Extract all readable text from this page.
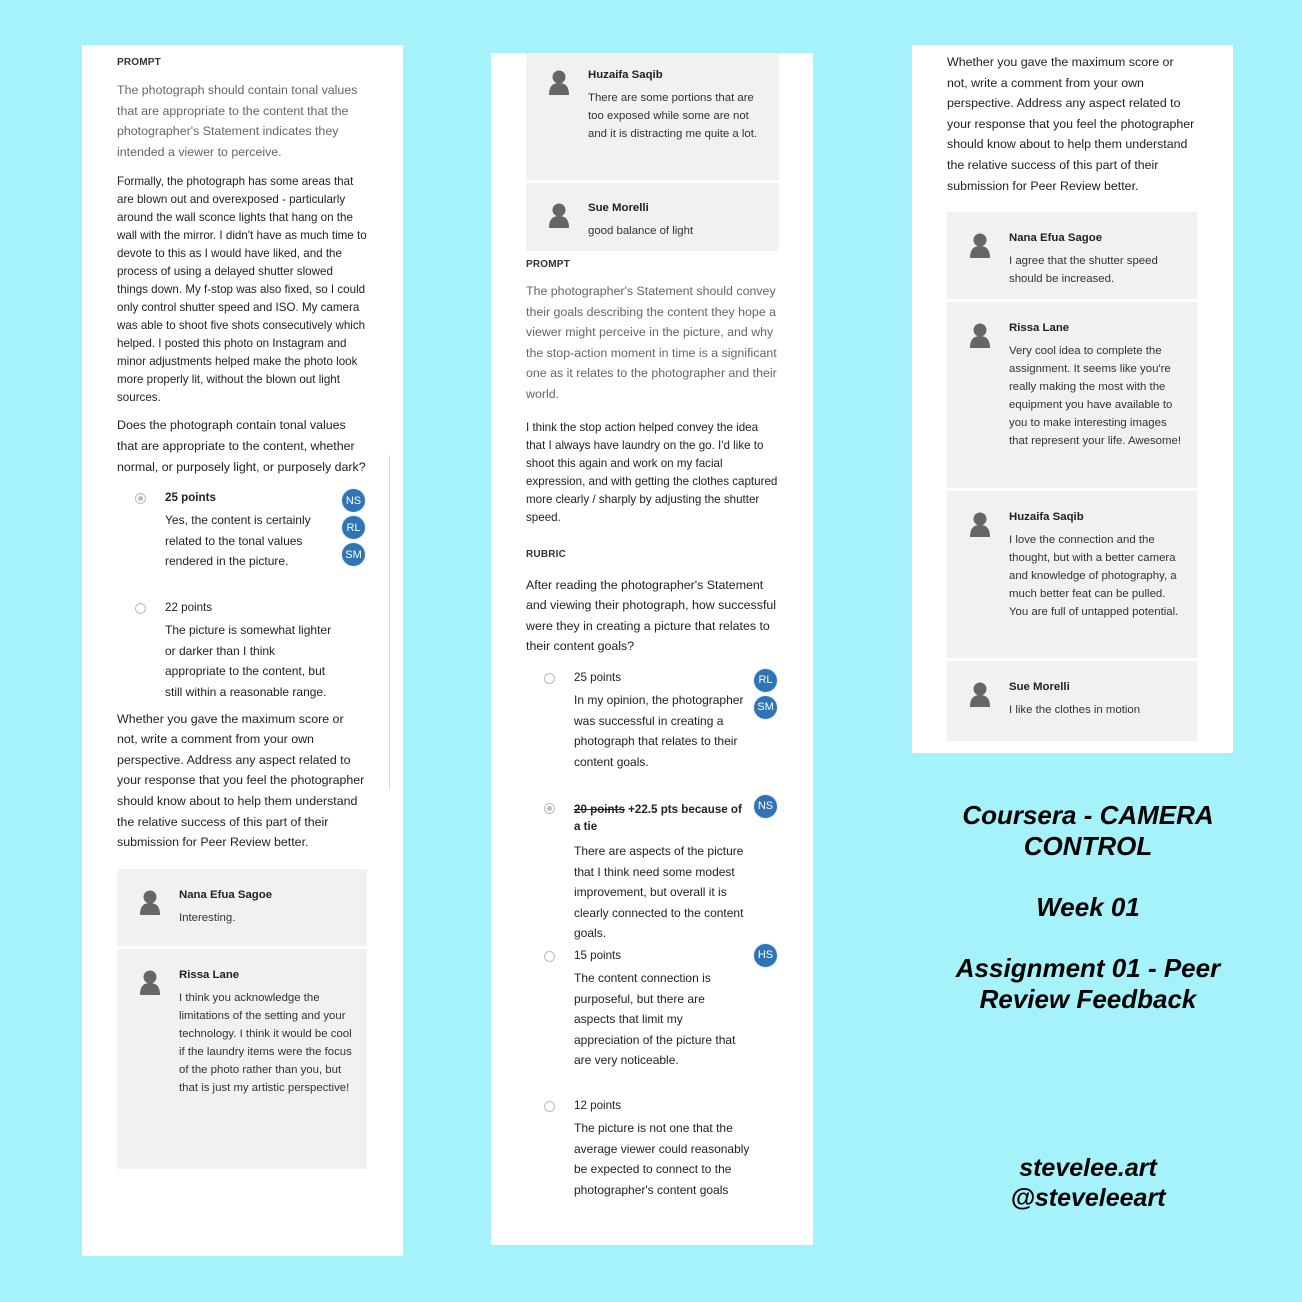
PROMPT

The photograph should contain tonal values that are appropriate to the content that the photographer's Statement indicates they intended a viewer to perceive.

Formally, the photograph has some areas that are blown out and overexposed - particularly around the wall sconce lights that hang on the wall with the mirror. I didn't have as much time to devote to this as I would have liked, and the process of using a delayed shutter slowed things down. My f-stop was also fixed, so I could only control shutter speed and ISO. My camera was able to shoot five shots consecutively which helped. I posted this photo on Instagram and minor adjustments helped make the photo look more properly lit, without the blown out light sources.

Does the photograph contain tonal values that are appropriate to the content, whether normal, or purposely light, or purposely dark?

25 points

Yes, the content is certainly related to the tonal values rendered in the picture.

NS
RL
SM

22 points

The picture is somewhat lighter or darker than I think appropriate to the content, but still within a reasonable range.

Whether you gave the maximum score or not, write a comment from your own perspective. Address any aspect related to your response that you feel the photographer should know about to help them understand the relative success of this part of their submission for Peer Review better.

Nana Efua Sagoe

Interesting.

Rissa Lane

I think you acknowledge the limitations of the setting and your technology. I think it would be cool if the laundry items were the focus of the photo rather than you, but that is just my artistic perspective!

Huzaifa Saqib

There are some portions that are too exposed while some are not and it is distracting me quite a lot.

Sue Morelli

good balance of light

PROMPT

The photographer's Statement should convey their goals describing the content they hope a viewer might perceive in the picture, and why the stop-action moment in time is a significant one as it relates to the photographer and their world.

I think the stop action helped convey the idea that I always have laundry on the go. I'd like to shoot this again and work on my facial expression, and with getting the clothes captured more clearly / sharply by adjusting the shutter speed.

RUBRIC

After reading the photographer's Statement and viewing their photograph, how successful were they in creating a picture that relates to their content goals?

25 points

In my opinion, the photographer was successful in creating a photograph that relates to their content goals.

RL
SM

20 points +22.5 pts because of a tie

There are aspects of the picture that I think need some modest improvement, but overall it is clearly connected to the content goals.

NS

15 points

The content connection is purposeful, but there are aspects that limit my appreciation of the picture that are very noticeable.

HS

12 points

The picture is not one that the average viewer could reasonably be expected to connect to the photographer's content goals

Whether you gave the maximum score or not, write a comment from your own perspective. Address any aspect related to your response that you feel the photographer should know about to help them understand the relative success of this part of their submission for Peer Review better.

Nana Efua Sagoe

I agree that the shutter speed should be increased.

Rissa Lane

Very cool idea to complete the assignment. It seems like you're really making the most with the equipment you have available to you to make interesting images that represent your life. Awesome!

Huzaifa Saqib

I love the connection and the thought, but with a better camera and knowledge of photography, a much better feat can be pulled. You are full of untapped potential.

Sue Morelli

I like the clothes in motion

Coursera - CAMERA

CONTROL

Week 01

Assignment 01 - Peer

Review Feedback

stevelee.art

@steveleeart
